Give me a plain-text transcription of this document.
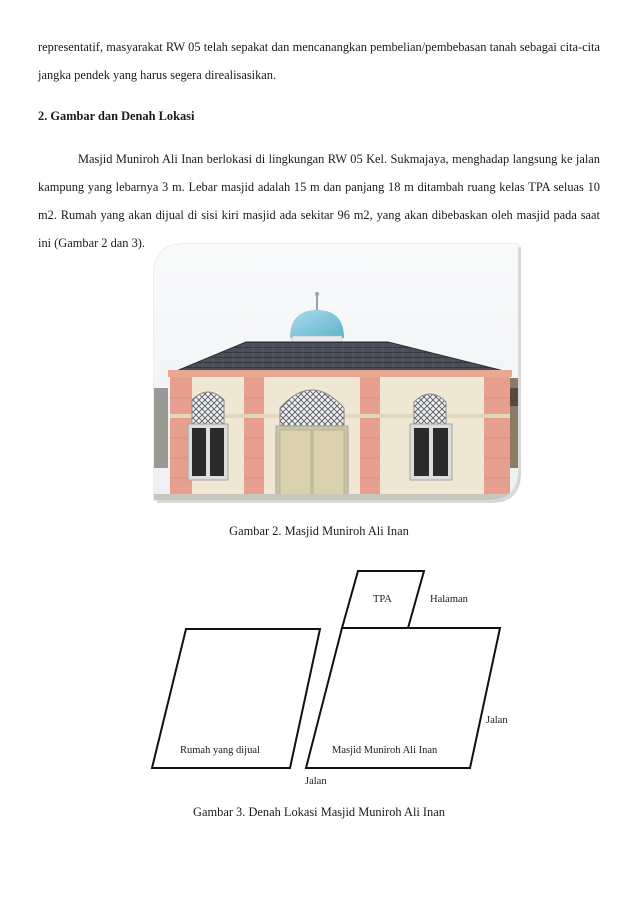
representatif, masyarakat RW 05 telah sepakat dan mencanangkan pembelian/pembebasan tanah sebagai cita-cita jangka pendek yang harus segera direalisasikan.
2. Gambar dan Denah Lokasi
Masjid Muniroh Ali Inan berlokasi di lingkungan RW 05 Kel. Sukmajaya, menghadap langsung ke jalan kampung yang lebarnya 3 m. Lebar masjid adalah 15 m dan panjang 18 m ditambah ruang kelas TPA seluas 10 m2. Rumah yang akan dijual di sisi kiri masjid ada sekitar 96 m2, yang akan dibebaskan oleh masjid pada saat ini (Gambar 2 dan 3).
Gambar 2. Masjid Muniroh Ali Inan
TPA	Halaman
Jalan
Rumah yang dijual	Masjid Muniroh Ali Inan
Jalan
Gambar 3. Denah Lokasi Masjid Muniroh Ali Inan
